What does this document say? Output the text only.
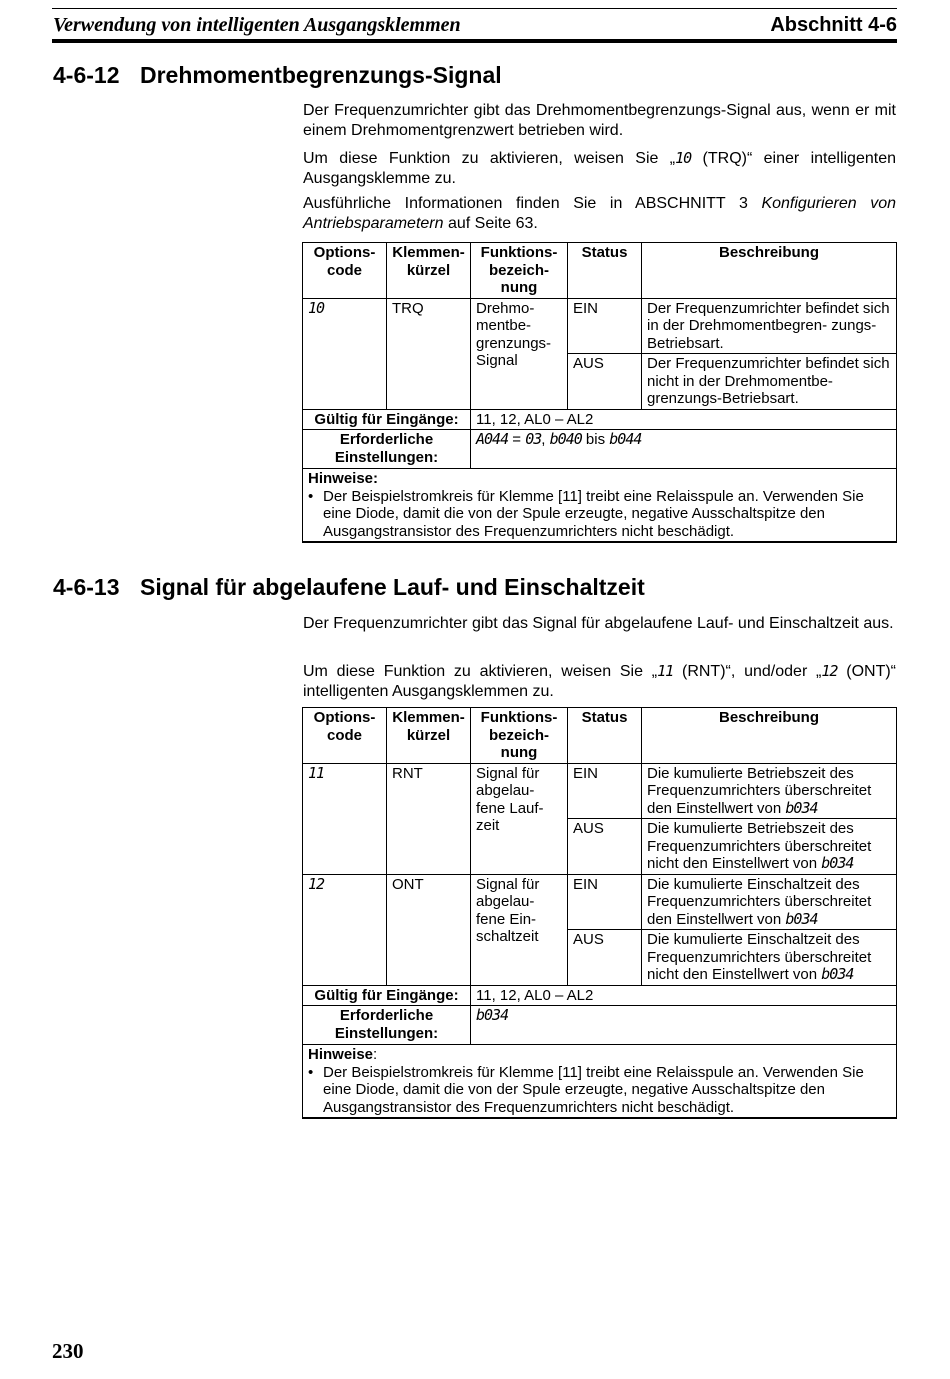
Verwendung von intelligenten Ausgangsklemmen	Abschnitt 4-6
4-6-12 Drehmomentbegrenzungs-Signal

Der Frequenzumrichter gibt das Drehmomentbegrenzungs-Signal aus, wenn er mit einem Drehmomentgrenzwert betrieben wird.

Um diese Funktion zu aktivieren, weisen Sie „10 (TRQ)“ einer intelligenten Ausgangsklemme zu.

Ausführliche Informationen finden Sie in ABSCHNITT 3 Konfigurieren von Antriebsparametern auf Seite 63.

Options- code	Klemmen- kürzel	Funktions- bezeich- nung	Status	Beschreibung
10	TRQ	Drehmo- mentbe- grenzungs- Signal	EIN	Der Frequenzumrichter befindet sich in der Drehmomentbegren- zungs-Betriebsart.
			AUS	Der Frequenzumrichter befindet sich nicht in der Drehmomentbe- grenzungs-Betriebsart.
Gültig für Eingänge:		11, 12, AL0 – AL2		
Erforderliche Einstellungen:		A044 = 03, b040 bis b044		

Hinweise:
• Der Beispielstromkreis für Klemme [11] treibt eine Relaisspule an. Verwenden Sie eine Diode, damit die von der Spule erzeugte, negative Ausschaltspitze den Ausgangstransistor des Frequenzumrichters nicht beschädigt.				
4-6-13 Signal für abgelaufene Lauf- und Einschaltzeit

Der Frequenzumrichter gibt das Signal für abgelaufene Lauf- und Einschaltzeit aus.

Um diese Funktion zu aktivieren, weisen Sie „11 (RNT)“, und/oder „12 (ONT)“ intelligenten Ausgangsklemmen zu.

Options- code	Klemmen- kürzel	Funktions- bezeich- nung	Status	Beschreibung
11	RNT	Signal für abgelau- fene Lauf- zeit	EIN	Die kumulierte Betriebszeit des Frequenzumrichters überschreitet den Einstellwert von b034
			AUS	Die kumulierte Betriebszeit des Frequenzumrichters überschreitet nicht den Einstellwert von b034
12	ONT	Signal für abgelau- fene Ein- schaltzeit	EIN	Die kumulierte Einschaltzeit des Frequenzumrichters überschreitet den Einstellwert von b034
			AUS	Die kumulierte Einschaltzeit des Frequenzumrichters überschreitet nicht den Einstellwert von b034
Gültig für Eingänge:		11, 12, AL0 – AL2		
Erforderliche Einstellungen:		b034		

Hinweise:
• Der Beispielstromkreis für Klemme [11] treibt eine Relaisspule an. Verwenden Sie eine Diode, damit die von der Spule erzeugte, negative Ausschaltspitze den Ausgangstransistor des Frequenzumrichters nicht beschädigt.				
230
